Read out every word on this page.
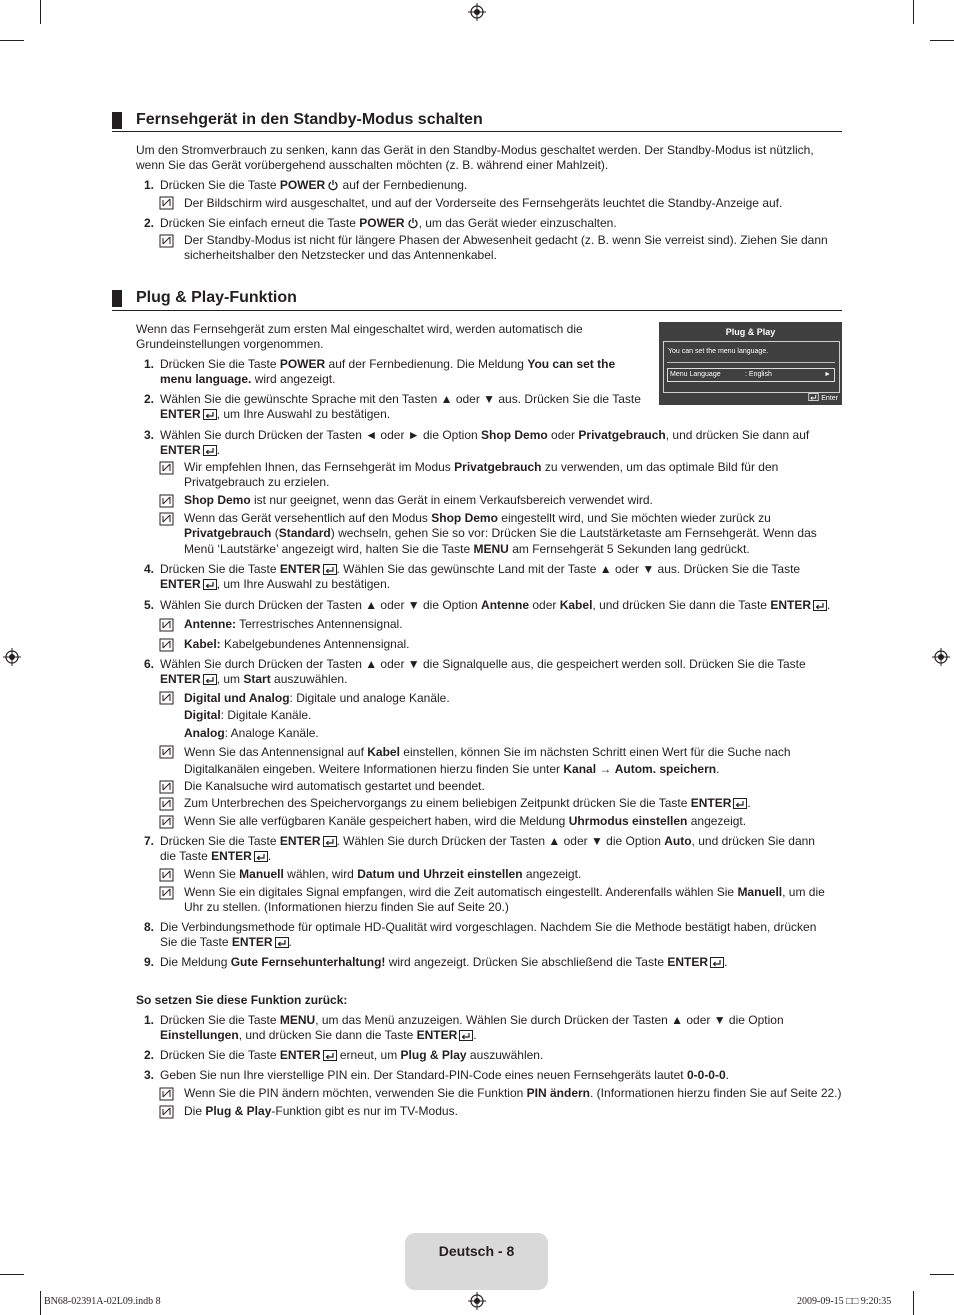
Fernsehgerät in den Standby-Modus schalten
Um den Stromverbrauch zu senken, kann das Gerät in den Standby-Modus geschaltet werden. Der Standby-Modus ist nützlich, wenn Sie das Gerät vorübergehend ausschalten möchten (z. B. während einer Mahlzeit).
1. Drücken Sie die Taste POWER auf der Fernbedienung.
Der Bildschirm wird ausgeschaltet, und auf der Vorderseite des Fernsehgeräts leuchtet die Standby-Anzeige auf.
2. Drücken Sie einfach erneut die Taste POWER , um das Gerät wieder einzuschalten.
Der Standby-Modus ist nicht für längere Phasen der Abwesenheit gedacht (z. B. wenn Sie verreist sind). Ziehen Sie dann sicherheitshalber den Netzstecker und das Antennenkabel.
Plug & Play-Funktion
Wenn das Fernsehgerät zum ersten Mal eingeschaltet wird, werden automatisch die Grundeinstellungen vorgenommen.
Plug & Play
You can set the menu language.
Menu Language	: English	►
Enter
1. Drücken Sie die Taste POWER auf der Fernbedienung. Die Meldung You can set the
menu language. wird angezeigt.
2. Wählen Sie die gewünschte Sprache mit den Tasten ▲ oder ▼ aus. Drücken Sie die Taste
ENTER , um Ihre Auswahl zu bestätigen.
3. Wählen Sie durch Drücken der Tasten ◄ oder ► die Option Shop Demo oder Privatgebrauch, und drücken Sie dann auf
ENTER .
Wir empfehlen Ihnen, das Fernsehgerät im Modus Privatgebrauch zu verwenden, um das optimale Bild für den
Privatgebrauch zu erzielen.
Shop Demo ist nur geeignet, wenn das Gerät in einem Verkaufsbereich verwendet wird.
Wenn das Gerät versehentlich auf den Modus Shop Demo eingestellt wird, und Sie möchten wieder zurück zu
Privatgebrauch (Standard) wechseln, gehen Sie so vor: Drücken Sie die Lautstärketaste am Fernsehgerät. Wenn das
Menü ‘Lautstärke’ angezeigt wird, halten Sie die Taste MENU am Fernsehgerät 5 Sekunden lang gedrückt.
4. Drücken Sie die Taste ENTER . Wählen Sie das gewünschte Land mit der Taste ▲ oder ▼ aus. Drücken Sie die Taste
ENTER , um Ihre Auswahl zu bestätigen.
5. Wählen Sie durch Drücken der Tasten ▲ oder ▼ die Option Antenne oder Kabel, und drücken Sie dann die Taste ENTER .
Antenne: Terrestrisches Antennensignal.
Kabel: Kabelgebundenes Antennensignal.
6. Wählen Sie durch Drücken der Tasten ▲ oder ▼ die Signalquelle aus, die gespeichert werden soll. Drücken Sie die Taste
ENTER , um Start auszuwählen.
Digital und Analog: Digitale und analoge Kanäle.
Digital: Digitale Kanäle.
Analog: Analoge Kanäle.
Wenn Sie das Antennensignal auf Kabel einstellen, können Sie im nächsten Schritt einen Wert für die Suche nach
Digitalkanälen eingeben. Weitere Informationen hierzu finden Sie unter Kanal → Autom. speichern.
Die Kanalsuche wird automatisch gestartet und beendet.
Zum Unterbrechen des Speichervorgangs zu einem beliebigen Zeitpunkt drücken Sie die Taste ENTER .
Wenn Sie alle verfügbaren Kanäle gespeichert haben, wird die Meldung Uhrmodus einstellen angezeigt.
7. Drücken Sie die Taste ENTER . Wählen Sie durch Drücken der Tasten ▲ oder ▼ die Option Auto, und drücken Sie dann
die Taste ENTER .
Wenn Sie Manuell wählen, wird Datum und Uhrzeit einstellen angezeigt.
Wenn Sie ein digitales Signal empfangen, wird die Zeit automatisch eingestellt. Anderenfalls wählen Sie Manuell, um die
Uhr zu stellen. (Informationen hierzu finden Sie auf Seite 20.)
8. Die Verbindungsmethode für optimale HD-Qualität wird vorgeschlagen. Nachdem Sie die Methode bestätigt haben, drücken
Sie die Taste ENTER .
9. Die Meldung Gute Fernsehunterhaltung! wird angezeigt. Drücken Sie abschließend die Taste ENTER .
So setzen Sie diese Funktion zurück:
1. Drücken Sie die Taste MENU, um das Menü anzuzeigen. Wählen Sie durch Drücken der Tasten ▲ oder ▼ die Option
Einstellungen, und drücken Sie dann die Taste ENTER .
2. Drücken Sie die Taste ENTER erneut, um Plug & Play auszuwählen.
3. Geben Sie nun Ihre vierstellige PIN ein. Der Standard-PIN-Code eines neuen Fernsehgeräts lautet 0-0-0-0.
Wenn Sie die PIN ändern möchten, verwenden Sie die Funktion PIN ändern. (Informationen hierzu finden Sie auf Seite 22.)
Die Plug & Play-Funktion gibt es nur im TV-Modus.
Deutsch - 8
BN68-02391A-02L09.indb 8	2009-09-15 □□ 9:20:35
